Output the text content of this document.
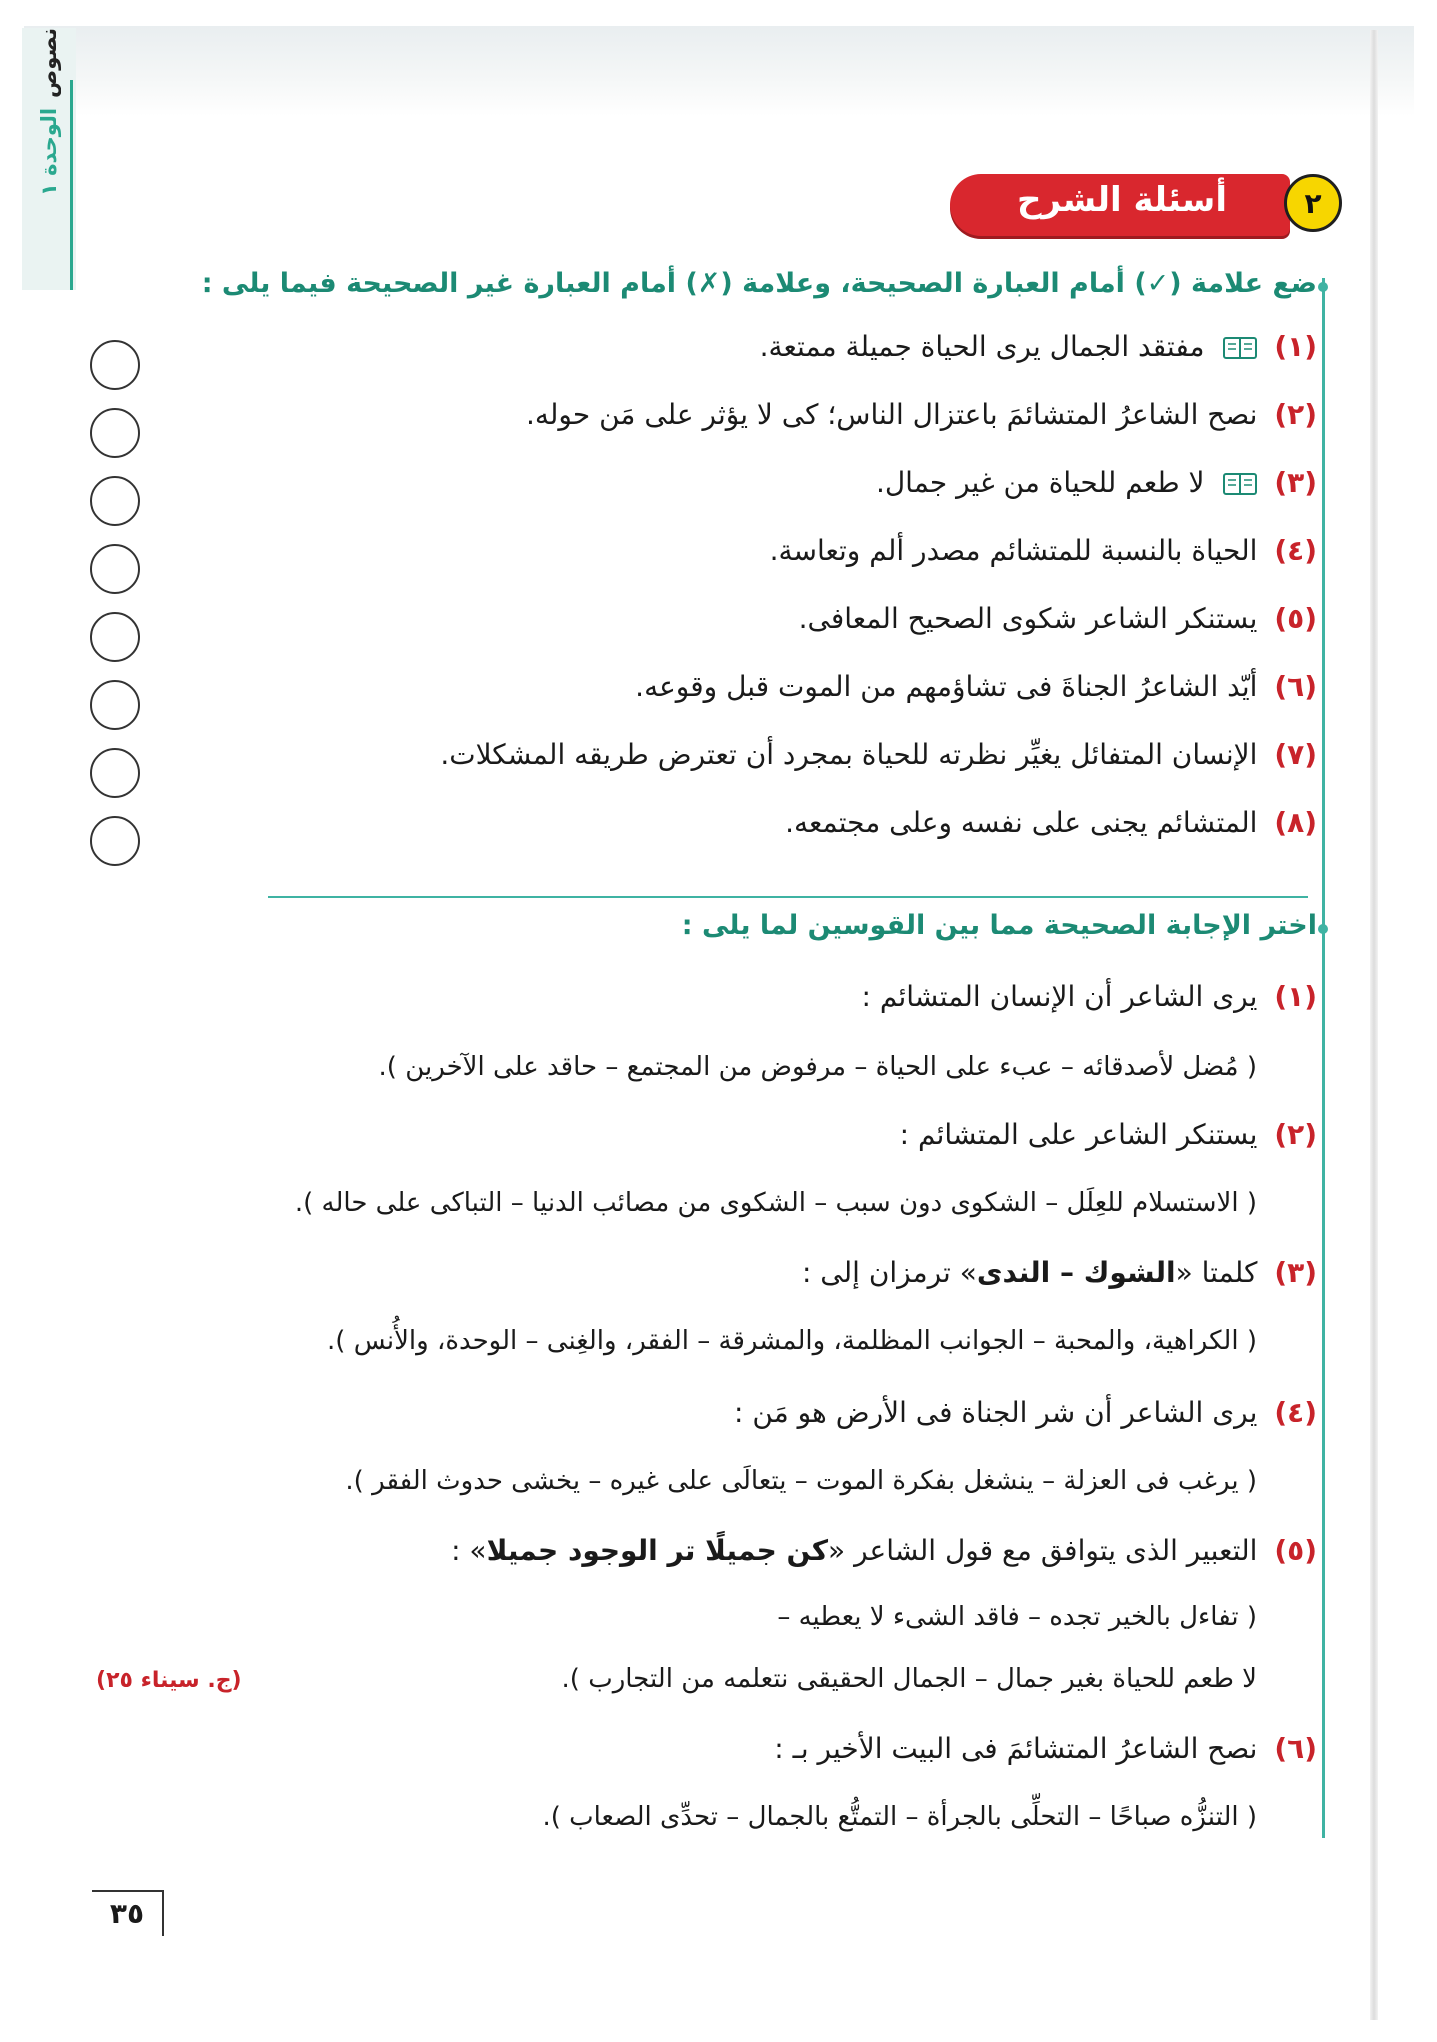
نصوص
الوحدة ١
أسئلة الشرح	٢
ضع علامة (✓) أمام العبارة الصحيحة، وعلامة (✗) أمام العبارة غير الصحيحة فيما يلى :
(١)  مفتقد الجمال يرى الحياة جميلة ممتعة.
(٢) نصح الشاعرُ المتشائمَ باعتزال الناس؛ كى لا يؤثر على مَن حوله.
(٣)  لا طعم للحياة من غير جمال.
(٤) الحياة بالنسبة للمتشائم مصدر ألم وتعاسة.
(٥) يستنكر الشاعر شكوى الصحيح المعافى.
(٦) أيّد الشاعرُ الجناةَ فى تشاؤمهم من الموت قبل وقوعه.
(٧) الإنسان المتفائل يغيِّر نظرته للحياة بمجرد أن تعترض طريقه المشكلات.
(٨) المتشائم يجنى على نفسه وعلى مجتمعه.
اختر الإجابة الصحيحة مما بين القوسين لما يلى :
(١) يرى الشاعر أن الإنسان المتشائم :
( مُضل لأصدقائه – عبء على الحياة – مرفوض من المجتمع – حاقد على الآخرين ).
(٢) يستنكر الشاعر على المتشائم :
( الاستسلام للعِلَل – الشكوى دون سبب – الشكوى من مصائب الدنيا – التباكى على حاله ).
(٣) كلمتا «الشوك – الندى» ترمزان إلى :
( الكراهية، والمحبة – الجوانب المظلمة، والمشرقة – الفقر، والغِنى – الوحدة، والأُنس ).
(٤) يرى الشاعر أن شر الجناة فى الأرض هو مَن :
( يرغب فى العزلة – ينشغل بفكرة الموت – يتعالَى على غيره – يخشى حدوث الفقر ).
(٥) التعبير الذى يتوافق مع قول الشاعر «كن جميلًا تر الوجود جميلا» :
( تفاءل بالخير تجده – فاقد الشىء لا يعطيه –
لا طعم للحياة بغير جمال – الجمال الحقيقى نتعلمه من التجارب ).
(ج. سيناء ٢٥)
(٦) نصح الشاعرُ المتشائمَ فى البيت الأخير بـ :
( التنزُّه صباحًا – التحلِّى بالجرأة – التمتُّع بالجمال – تحدِّى الصعاب ).
٣٥
